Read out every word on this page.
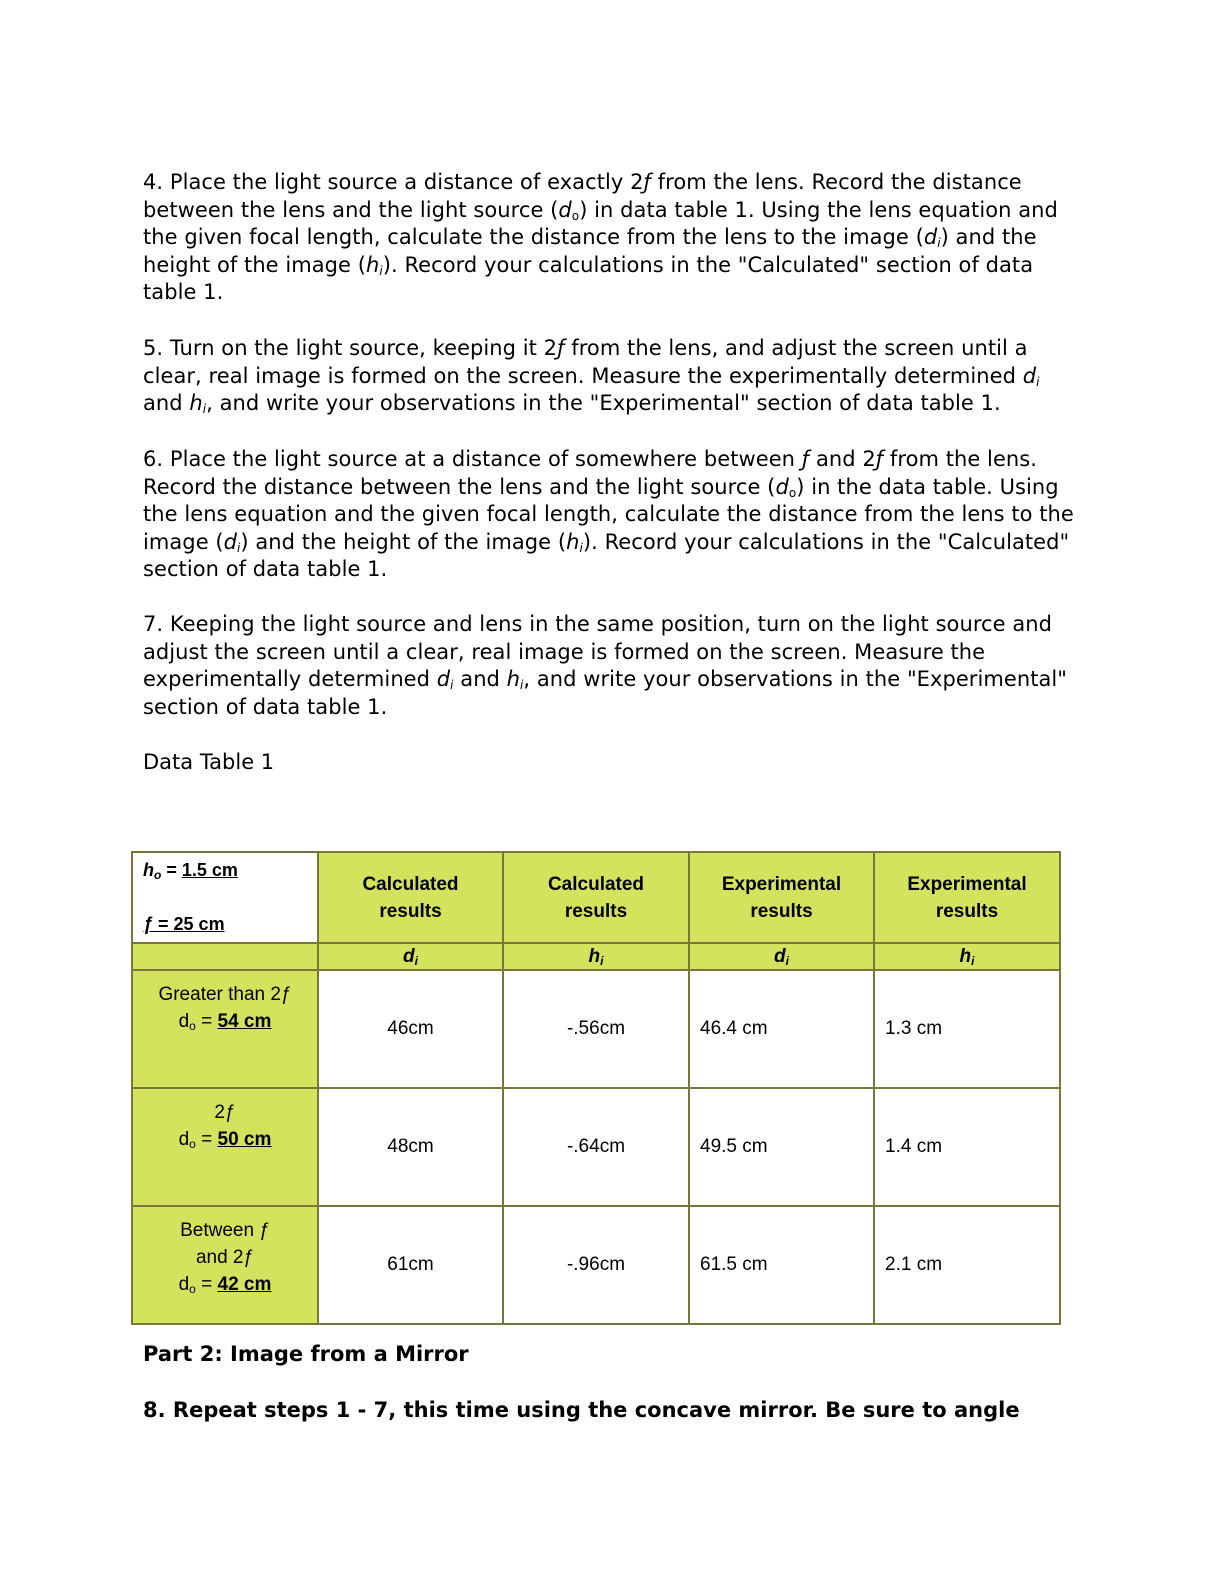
4. Place the light source a distance of exactly 2ƒ from the lens. Record the distance between the lens and the light source $(d_o)$ in data table 1. Using the lens equation and the given focal length, calculate the distance from the lens to the image $(d_i)$ and the height of the image $(h_i)$. Record your calculations in the "Calculated" section of data table 1.

5. Turn on the light source, keeping it 2ƒ from the lens, and adjust the screen until a clear, real image is formed on the screen. Measure the experimentally determined $d_i$ and $h_i$, and write your observations in the "Experimental" section of data table 1.

6. Place the light source at a distance of somewhere between ƒ and 2ƒ from the lens. Record the distance between the lens and the light source $(d_o)$ in the data table. Using the lens equation and the given focal length, calculate the distance from the lens to the image $(d_i)$ and the height of the image $(h_i)$. Record your calculations in the "Calculated" section of data table 1.

7. Keeping the light source and lens in the same position, turn on the light source and adjust the screen until a clear, real image is formed on the screen. Measure the experimentally determined $d_i$ and $h_i$, and write your observations in the "Experimental" section of data table 1.

Data Table 1

$h_o = 1.5$ cm
ƒ = 25 cm	Calculated results	Calculated results	Experimental results	Experimental results
	$d_i$	$h_i$	$d_i$	$h_i$

Greater than 2ƒ
$d_o = 54$ cm	46cm	-.56cm	46.4 cm	1.3 cm

2ƒ
$d_o = 50$ cm	48cm	-.64cm	49.5 cm	1.4 cm

Between ƒ
and 2ƒ
$d_o = 42$ cm	61cm	-.96cm	61.5 cm	2.1 cm

Part 2: Image from a Mirror

8. Repeat steps 1 - 7, this time using the concave mirror. Be sure to angle
